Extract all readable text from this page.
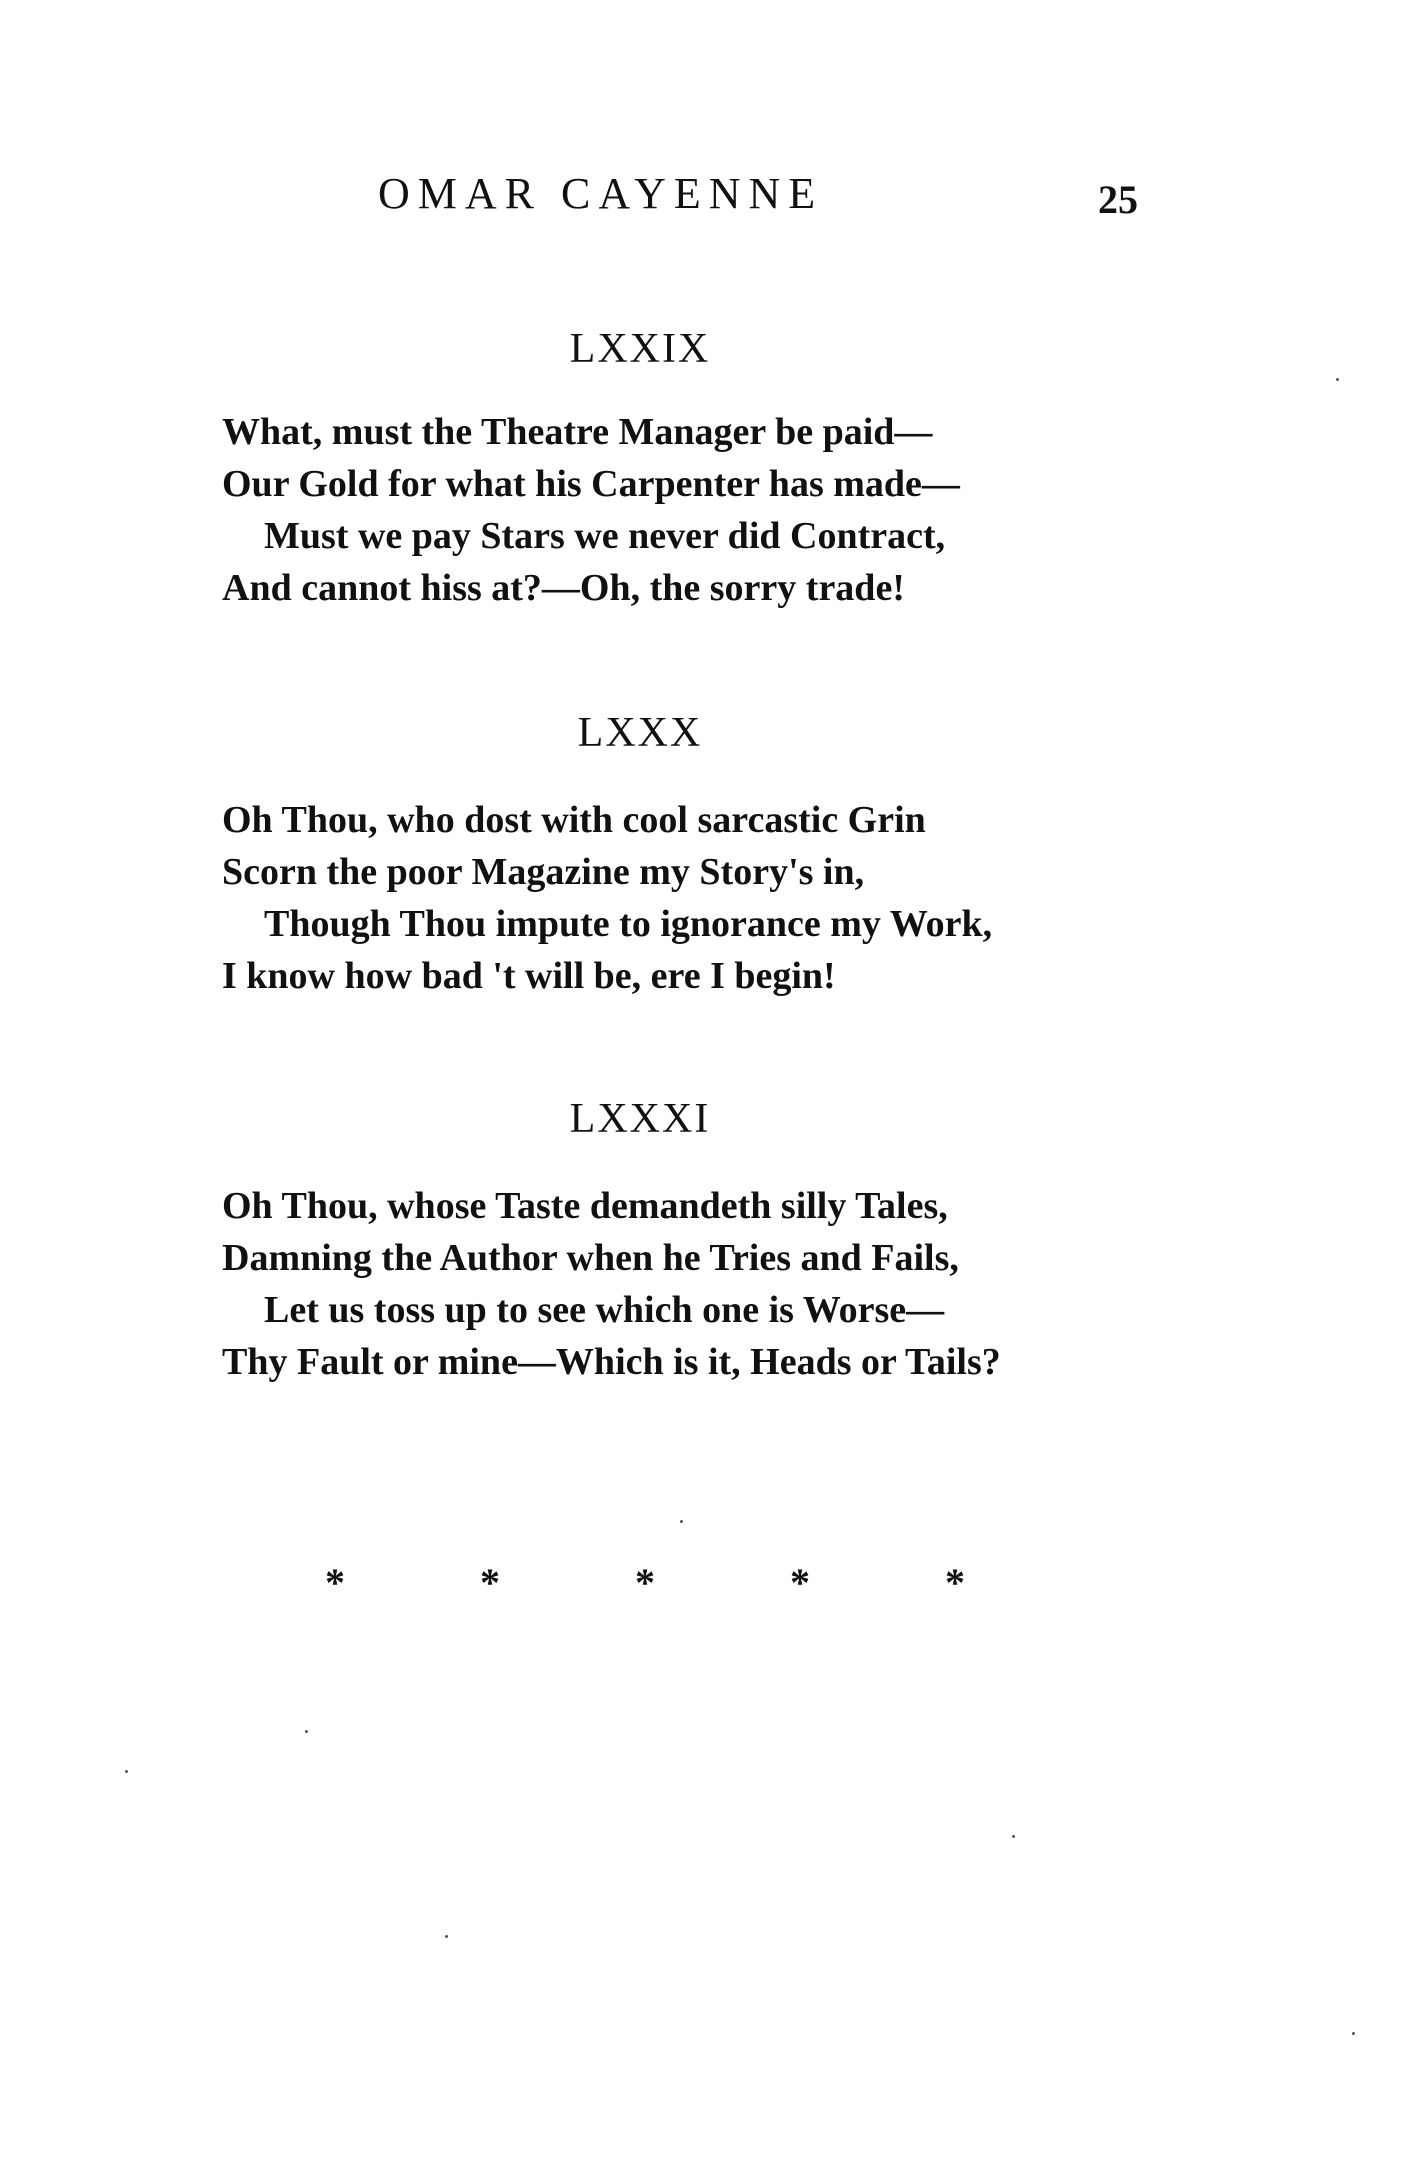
OMAR CAYENNE	25
LXXIX
What, must the Theatre Manager be paid—
Our Gold for what his Carpenter has made—
Must we pay Stars we never did Contract,
And cannot hiss at?—Oh, the sorry trade!
LXXX
Oh Thou, who dost with cool sarcastic Grin
Scorn the poor Magazine my Story's in,
Though Thou impute to ignorance my Work,
I know how bad 't will be, ere I begin!
LXXXI
Oh Thou, whose Taste demandeth silly Tales,
Damning the Author when he Tries and Fails,
Let us toss up to see which one is Worse—
Thy Fault or mine—Which is it, Heads or Tails?
*	*	*	*	*
